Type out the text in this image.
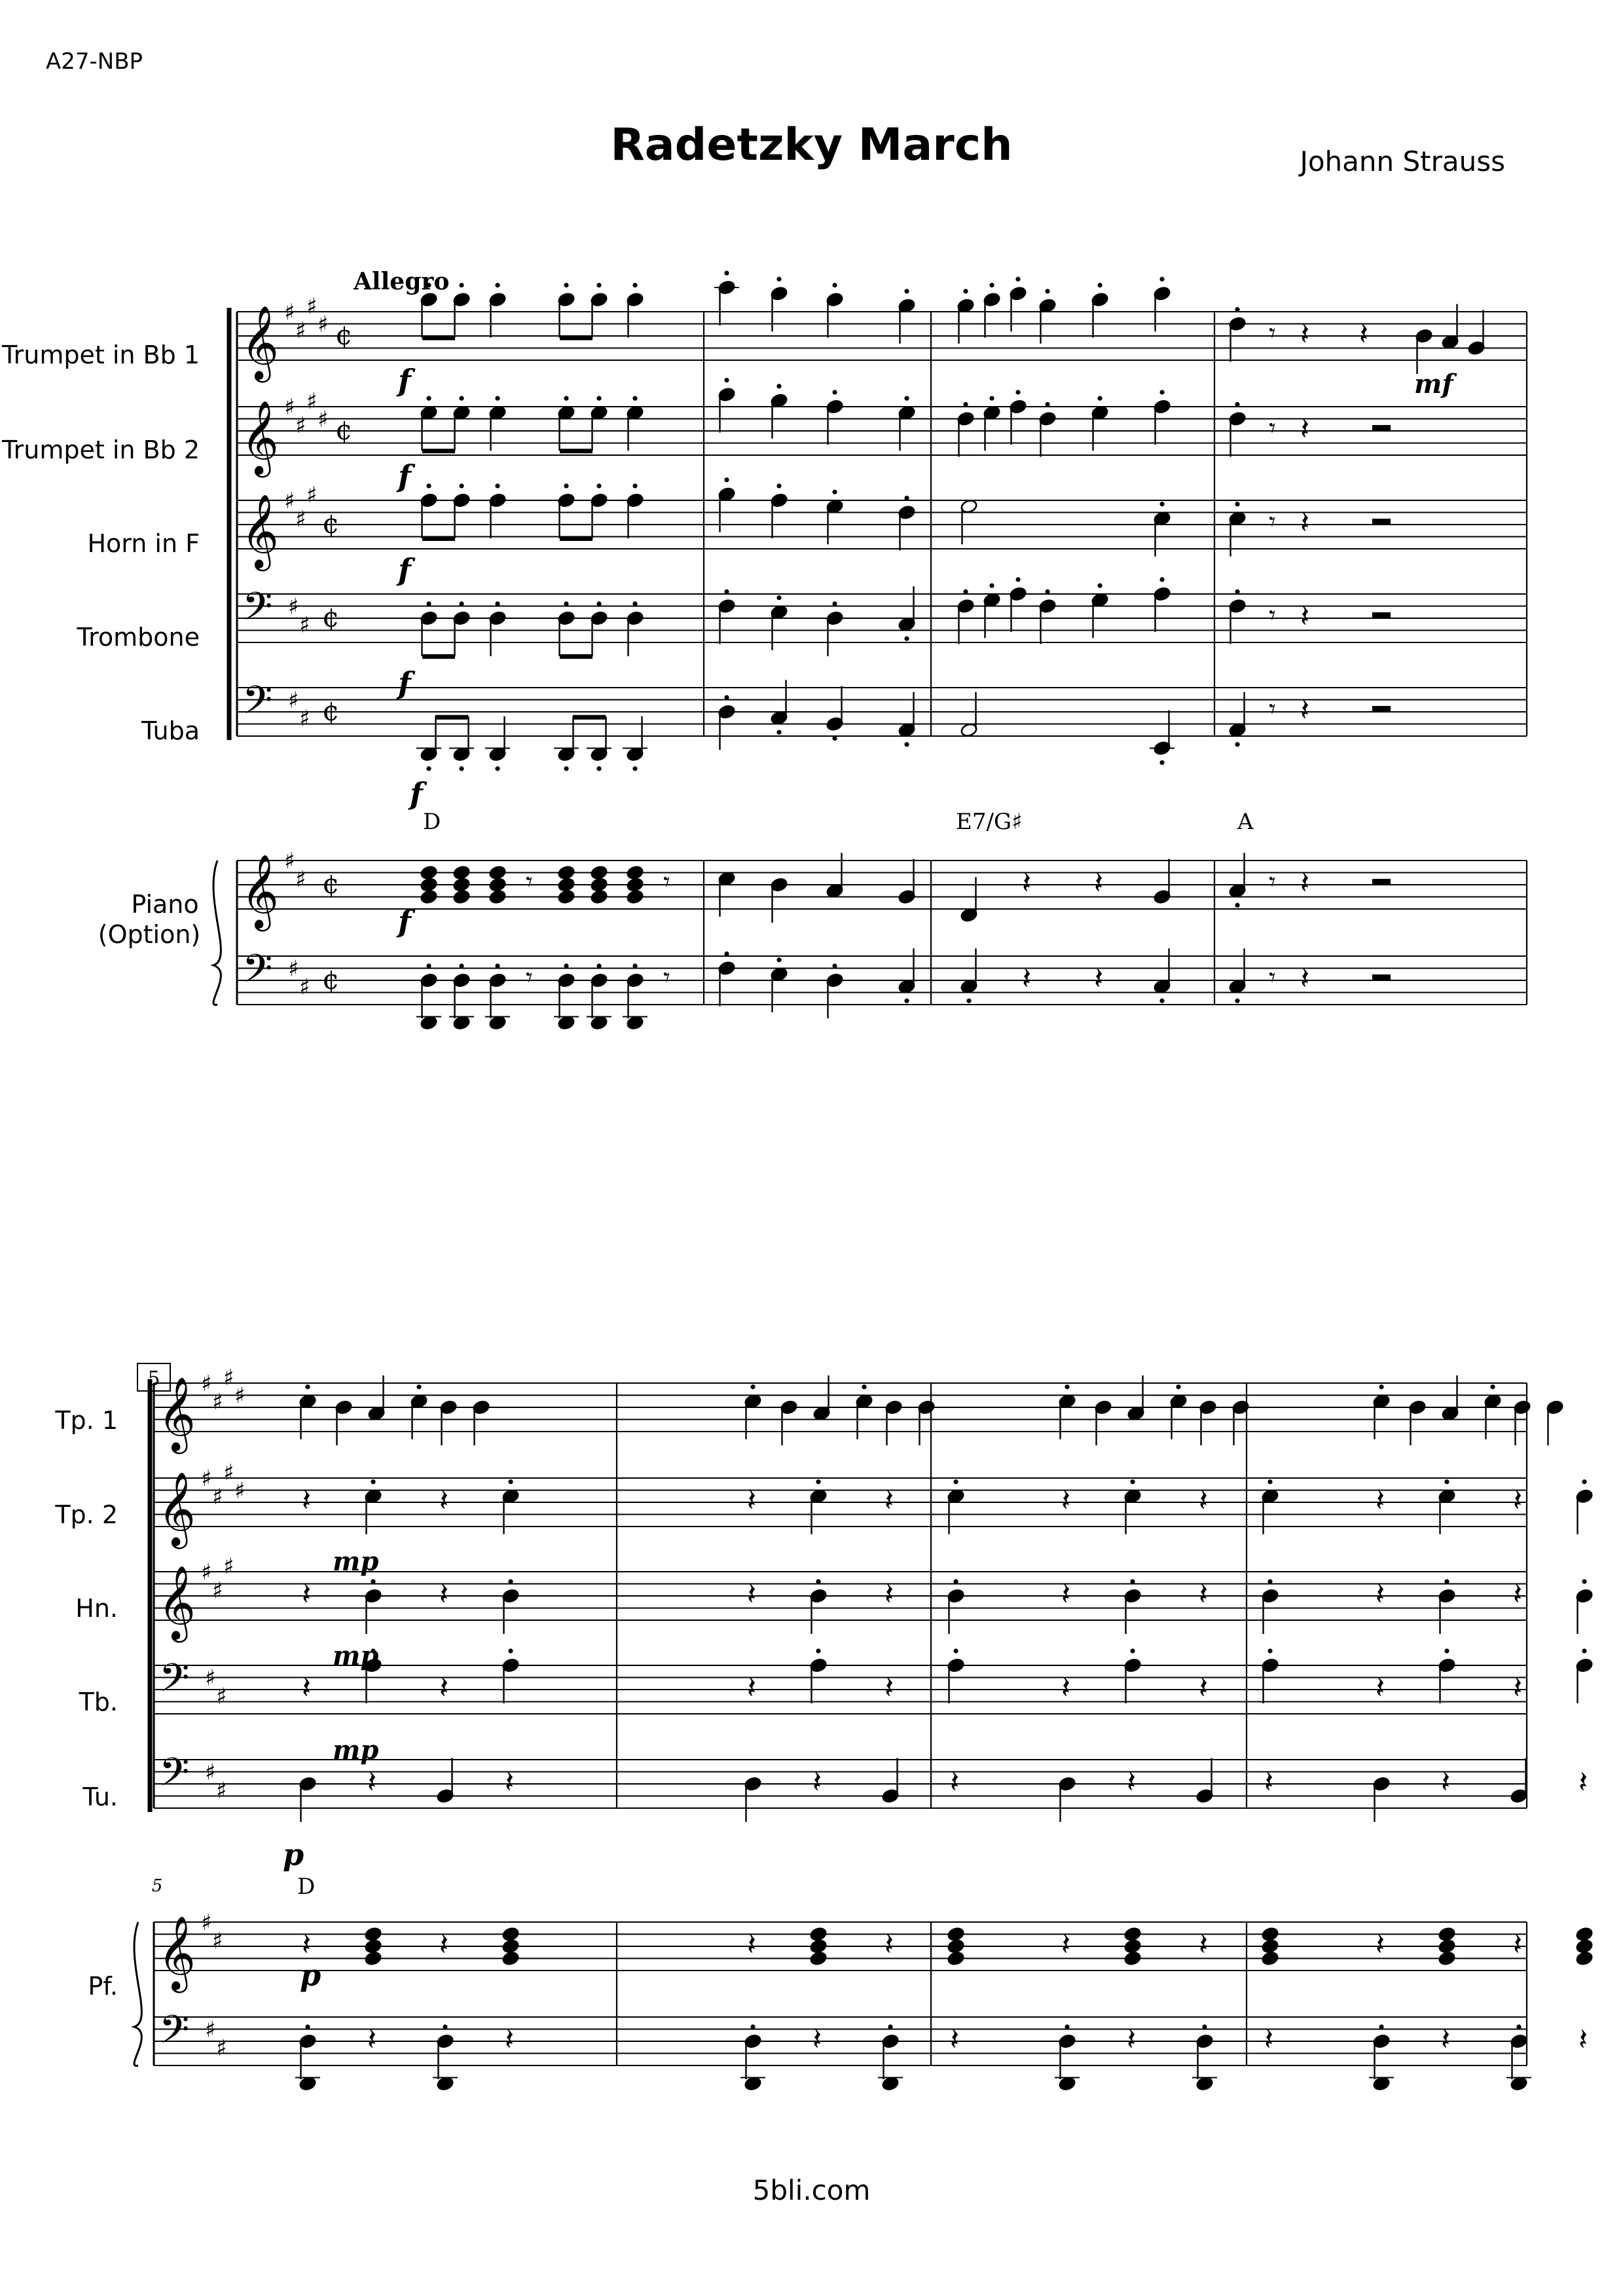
A27-NBP
Radetzky March	Johann Strauss
5bli.com
𝄞 ♯
♯
♯
♯ ¢
𝄞 ♯
♯
♯
♯ ¢
𝄞 ♯
♯
♯
¢
𝄢 ♯
♯ ¢
𝄢 ♯
♯ ¢
𝄞 ♯
♯ ¢
𝄢 ♯
♯ ¢
𝄾	𝄾
𝄾	𝄾
𝄽 𝄽
𝄽 𝄽
𝄾 𝄽
𝄾 𝄽
𝄾 𝄽
𝄾 𝄽
𝄾 𝄽
𝄽
𝄾 𝄽
𝄾 𝄽
𝄞 ♯
♯
♯
♯
𝄞 ♯
♯
♯
♯
𝄞 ♯
♯
♯
𝄢 ♯
♯
𝄢 ♯
♯
𝄞 ♯
♯
𝄢 ♯
♯
𝄽	𝄽
𝄽	𝄽
𝄽	𝄽
𝄽	𝄽
𝄽	𝄽
𝄽	𝄽
𝄽	𝄽
𝄽	𝄽
𝄽	𝄽
𝄽	𝄽
𝄽	𝄽
𝄽	𝄽
𝄽	𝄽
𝄽	𝄽
𝄽	𝄽
𝄽	𝄽
𝄽	𝄽
𝄽	𝄽
𝄽	𝄽
𝄽	𝄽
𝄽	𝄽
𝄽	𝄽
𝄽	𝄽
𝄽	𝄽
Allegro
Trumpet in Bb 1
Trumpet in Bb 2
Horn in F
Trombone
Tuba
Piano
(Option)
D	E7/G♯	A
f
f
f
f
f
f
mf
5
5
Tp. 1
Tp. 2
Hn.
Tb.
Tu.
Pf.
D
mp
mp
mp
p
p
